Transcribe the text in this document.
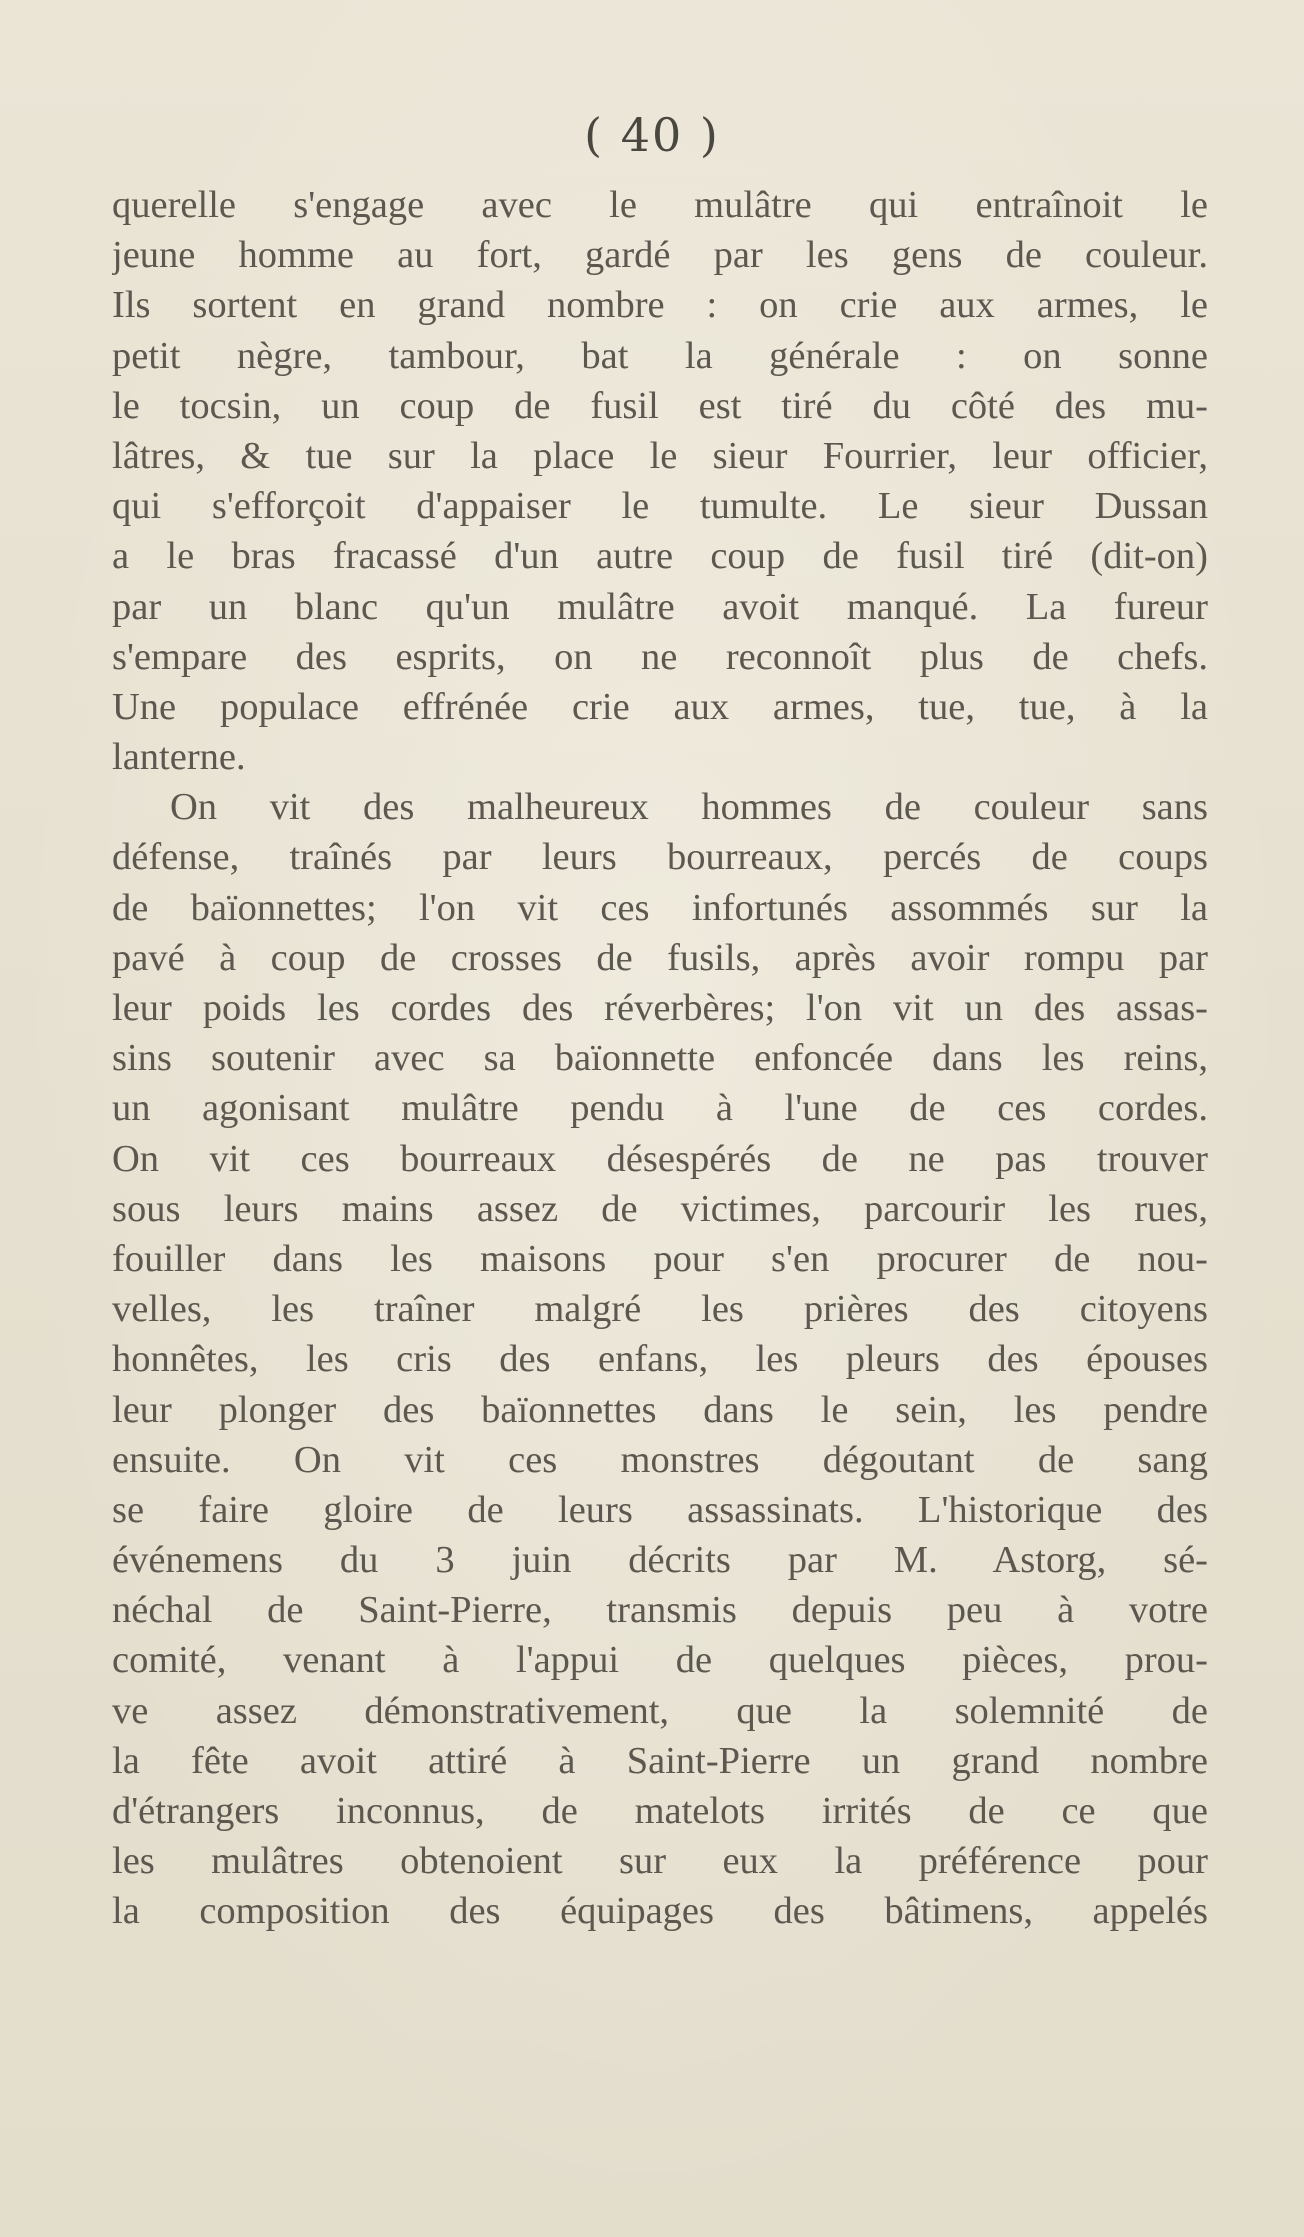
( 40 )
querelle s'engage avec le mulâtre qui entraînoit le
jeune homme au fort, gardé par les gens de couleur.
Ils sortent en grand nombre : on crie aux armes, le
petit nègre, tambour, bat la générale : on sonne
le tocsin, un coup de fusil est tiré du côté des mu-
lâtres, & tue sur la place le sieur Fourrier, leur officier,
qui s'efforçoit d'appaiser le tumulte. Le sieur Dussan
a le bras fracassé d'un autre coup de fusil tiré (dit-on)
par un blanc qu'un mulâtre avoit manqué. La fureur
s'empare des esprits, on ne reconnoît plus de chefs.
Une populace effrénée crie aux armes, tue, tue, à la
lanterne.
On vit des malheureux hommes de couleur sans
défense, traînés par leurs bourreaux, percés de coups
de baïonnettes; l'on vit ces infortunés assommés sur la
pavé à coup de crosses de fusils, après avoir rompu par
leur poids les cordes des réverbères; l'on vit un des assas-
sins soutenir avec sa baïonnette enfoncée dans les reins,
un agonisant mulâtre pendu à l'une de ces cordes.
On vit ces bourreaux désespérés de ne pas trouver
sous leurs mains assez de victimes, parcourir les rues,
fouiller dans les maisons pour s'en procurer de nou-
velles, les traîner malgré les prières des citoyens
honnêtes, les cris des enfans, les pleurs des épouses
leur plonger des baïonnettes dans le sein, les pendre
ensuite. On vit ces monstres dégoutant de sang
se faire gloire de leurs assassinats. L'historique des
événemens du 3 juin décrits par M. Astorg, sé-
néchal de Saint-Pierre, transmis depuis peu à votre
comité, venant à l'appui de quelques pièces, prou-
ve assez démonstrativement, que la solemnité de
la fête avoit attiré à Saint-Pierre un grand nombre
d'étrangers inconnus, de matelots irrités de ce que
les mulâtres obtenoient sur eux la préférence pour
la composition des équipages des bâtimens, appelés
